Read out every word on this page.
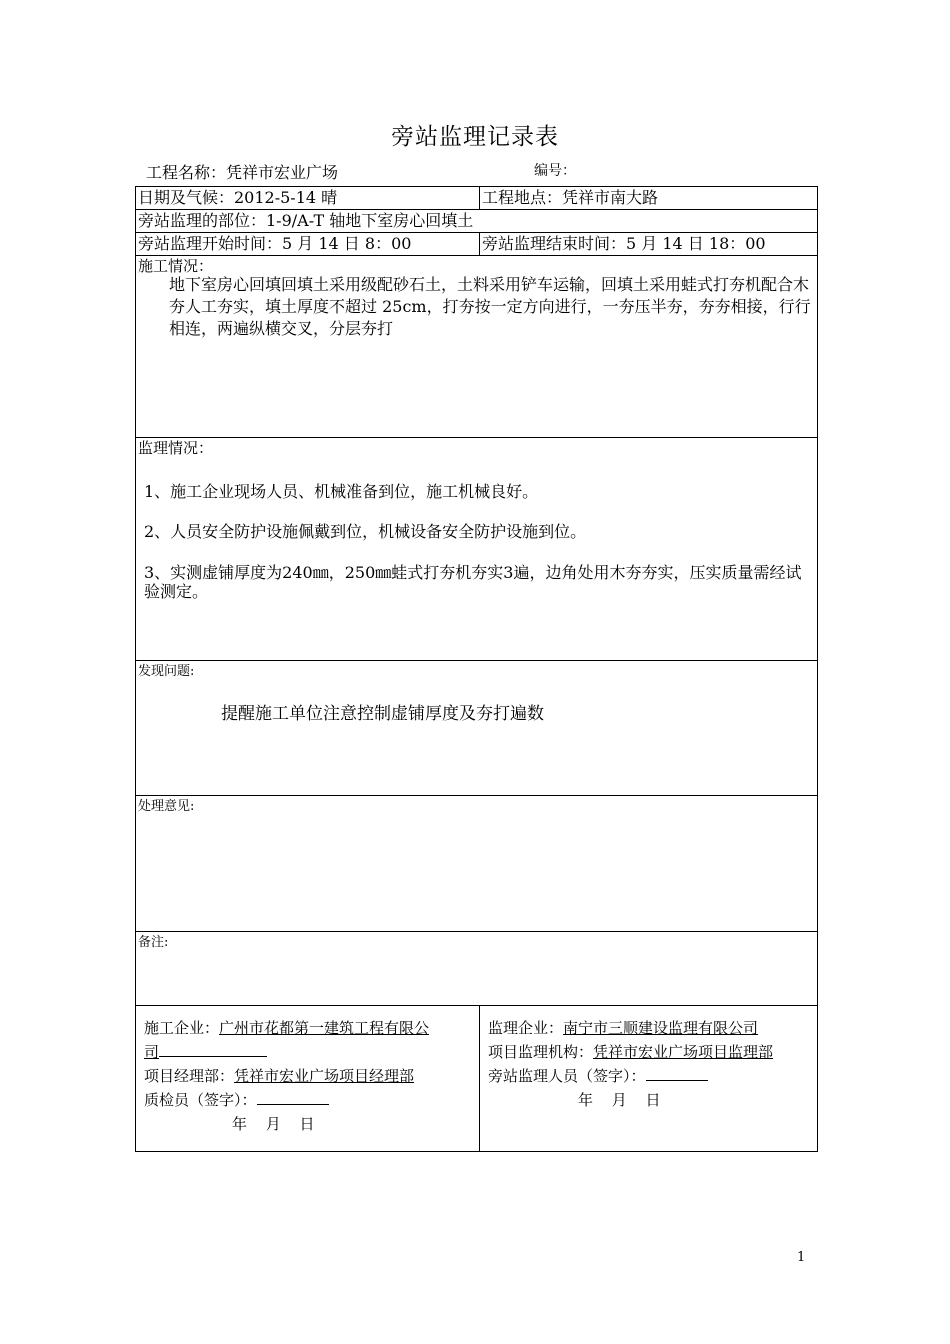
旁站监理记录表
工程名称：凭祥市宏业广场	编号：
日期及气候：2012-5-14 晴	工程地点：凭祥市南大路
旁站监理的部位：1-9/A-T 轴地下室房心回填土
旁站监理开始时间：5 月 14 日 8：00	旁站监理结束时间：5 月 14 日 18：00
施工情况：
地下室房心回填回填土采用级配砂石土，土料采用铲车运输，回填土采用蛙式打夯机配合木夯人工夯实，填土厚度不超过 25cm，打夯按一定方向进行，一夯压半夯，夯夯相接，行行相连，两遍纵横交叉，分层夯打
监理情况：
1、施工企业现场人员、机械准备到位，施工机械良好。
2、人员安全防护设施佩戴到位，机械设备安全防护设施到位。
3、实测虚铺厚度为240㎜，250㎜蛙式打夯机夯实3遍，边角处用木夯夯实，压实质量需经试验测定。
发现问题:
提醒施工单位注意控制虚铺厚度及夯打遍数
处理意见:
备注:
施工企业：广州市花都第一建筑工程有限公
司
项目经理部：凭祥市宏业广场项目经理部
质检员（签字）：
年 月 日
监理企业：南宁市三顺建设监理有限公司
项目监理机构：凭祥市宏业广场项目监理部
旁站监理人员（签字）：
年 月 日
1
